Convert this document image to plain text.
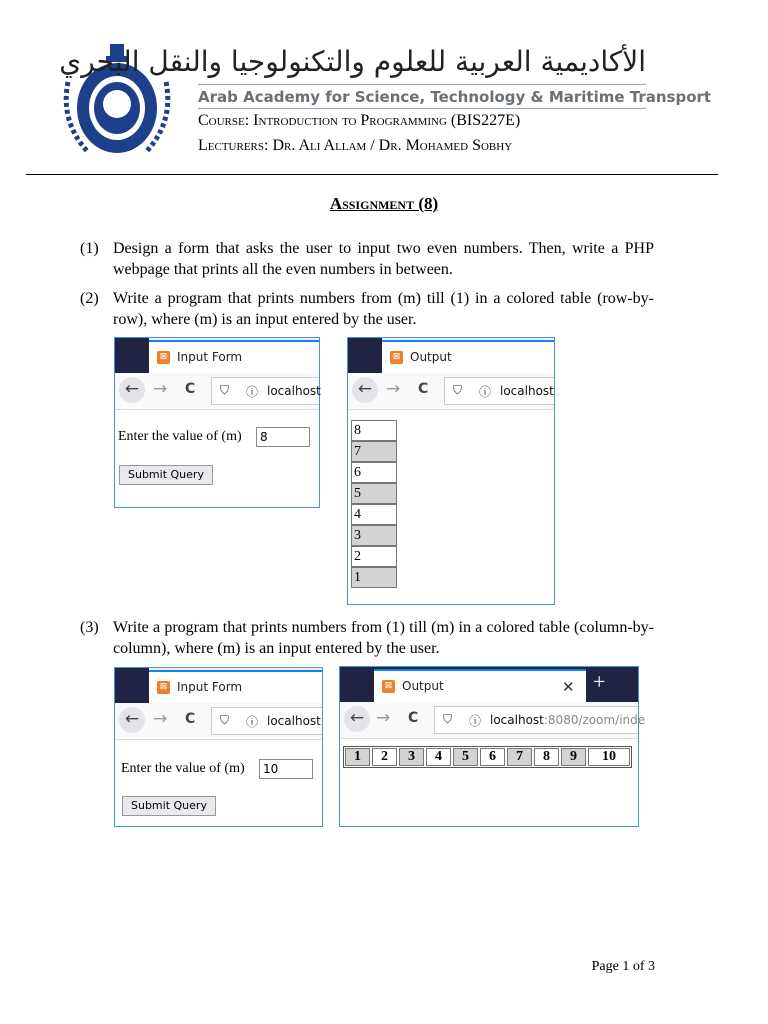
الأكاديمية العربية للعلوم والتكنولوجيا والنقل البحري
Arab Academy for Science, Technology & Maritime Transport
Course: Introduction to Programming (BIS227E)
Lecturers: Dr. Ali Allam / Dr. Mohamed Sobhy
Assignment (8)
(1) Design a form that asks the user to input two even numbers. Then, write a PHP webpage that prints all the even numbers in between.
(2) Write a program that prints numbers from (m) till (1) in a colored table (row-by-row), where (m) is an input entered by the user.
⊠ Input Form
← → C ⛉ ⓘ localhost
Enter the value of (m)
8
Submit Query
⊠ Output
← → C ⛉ ⓘ localhost
8
7
6
5
4
3
2
1
(3) Write a program that prints numbers from (1) till (m) in a colored table (column-by-column), where (m) is an input entered by the user.
⊠ Input Form
← → C ⛉ ⓘ localhost
Enter the value of (m)
10
Submit Query
⊠ Output	✕ +
← → C ⛉ ⓘ localhost:8080/zoom/inde
1	2	3	4	5	6	7	8	9	10
Page 1 of 3
